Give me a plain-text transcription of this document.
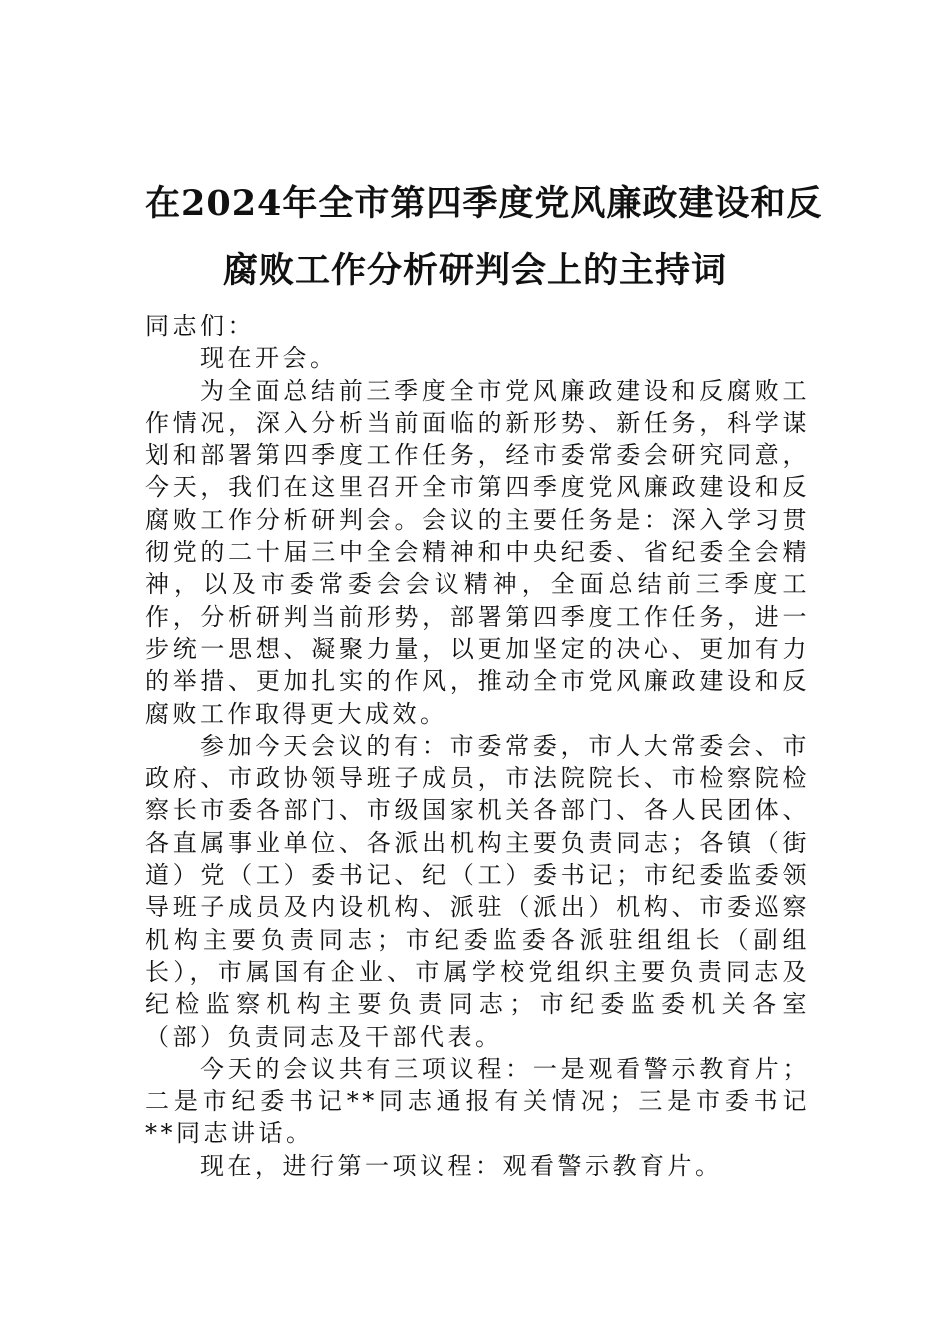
在2024年全市第四季度党风廉政建设和反
腐败工作分析研判会上的主持词

同志们：

现在开会。

为全面总结前三季度全市党风廉政建设和反腐败工作情况，深入分析当前面临的新形势、新任务，科学谋划和部署第四季度工作任务，经市委常委会研究同意，今天，我们在这里召开全市第四季度党风廉政建设和反腐败工作分析研判会。会议的主要任务是：深入学习贯彻党的二十届三中全会精神和中央纪委、省纪委全会精神，以及市委常委会会议精神，全面总结前三季度工作，分析研判当前形势，部署第四季度工作任务，进一步统一思想、凝聚力量，以更加坚定的决心、更加有力的举措、更加扎实的作风，推动全市党风廉政建设和反腐败工作取得更大成效。

参加今天会议的有：市委常委，市人大常委会、市政府、市政协领导班子成员，市法院院长、市检察院检察长市委各部门、市级国家机关各部门、各人民团体、各直属事业单位、各派出机构主要负责同志；各镇（街道）党（工）委书记、纪（工）委书记；市纪委监委领导班子成员及内设机构、派驻（派出）机构、市委巡察机构主要负责同志；市纪委监委各派驻组组长（副组长），市属国有企业、市属学校党组织主要负责同志及纪检监察机构主要负责同志；市纪委监委机关各室（部）负责同志及干部代表。

今天的会议共有三项议程：一是观看警示教育片；二是市纪委书记**同志通报有关情况；三是市委书记**同志讲话。

现在，进行第一项议程：观看警示教育片。
